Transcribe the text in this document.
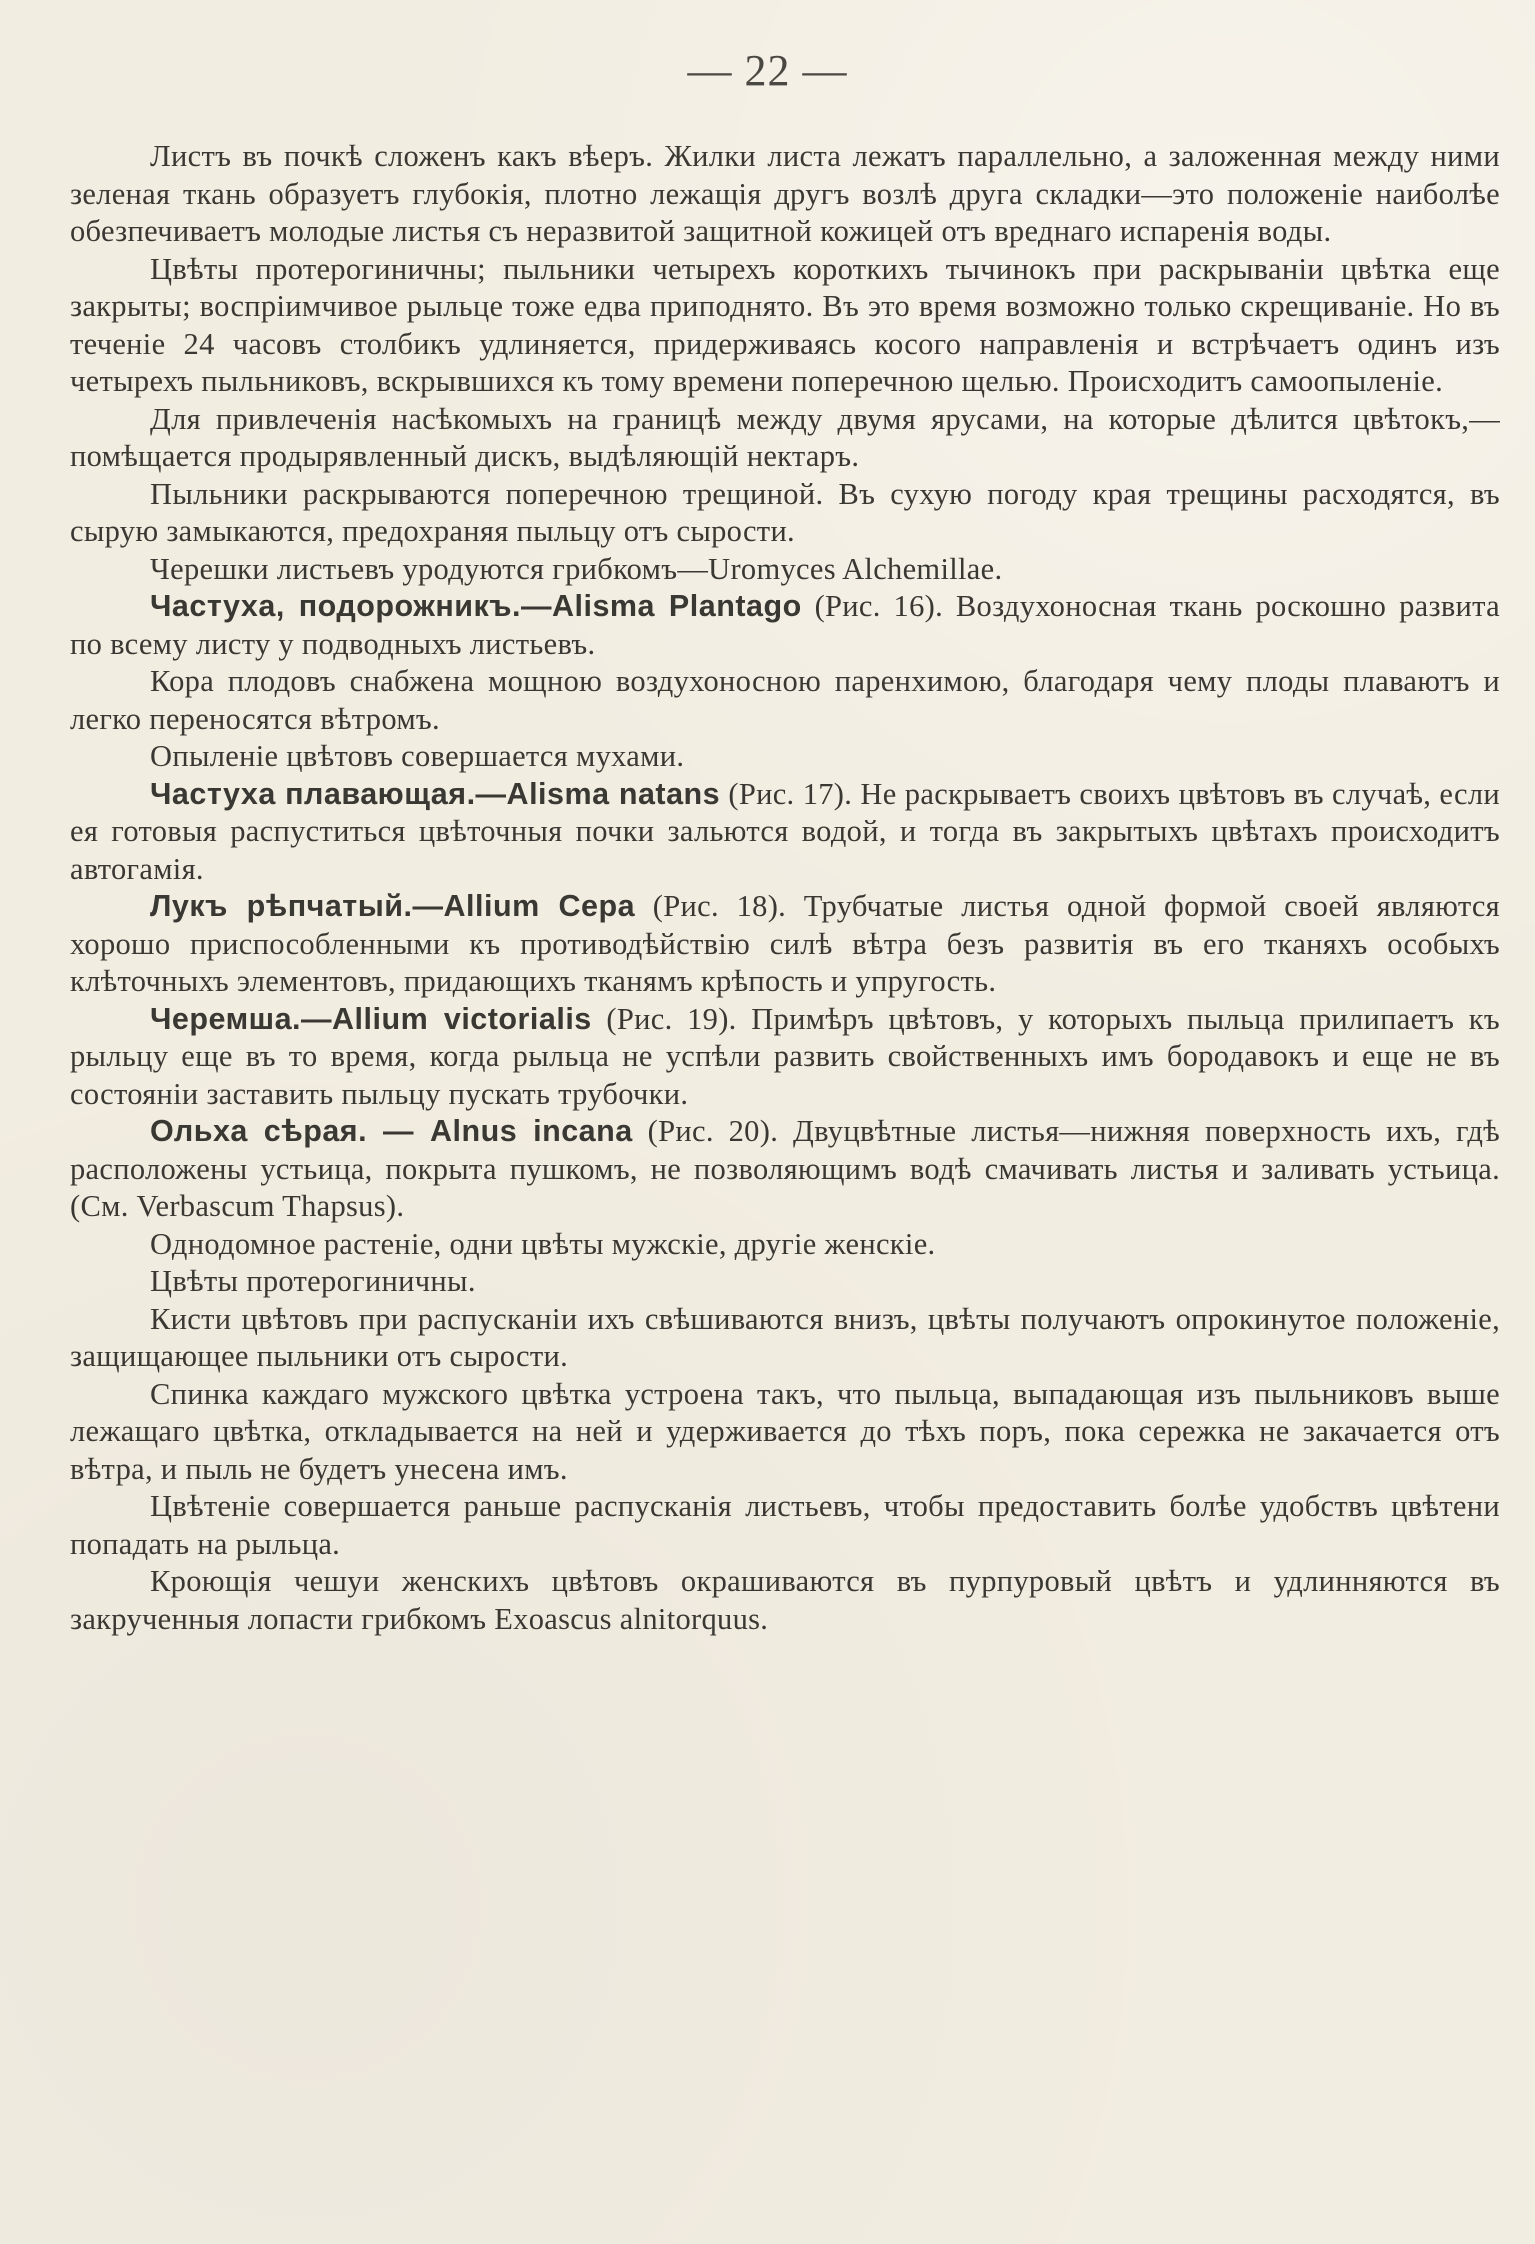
— 22 —

Листъ въ почкѣ сложенъ какъ вѣеръ. Жилки листа лежатъ параллельно, а заложенная между ними зеленая ткань образуетъ глубокія, плотно лежащія другъ возлѣ друга складки—это положеніе наиболѣе обезпечиваетъ молодые листья съ неразвитой защитной кожицей отъ вреднаго испаренія воды.

Цвѣты протерогиничны; пыльники четырехъ короткихъ тычинокъ при раскрываніи цвѣтка еще закрыты; воспріимчивое рыльце тоже едва приподнято. Въ это время возможно только скрещиваніе. Но въ теченіе 24 часовъ столбикъ удлиняется, придерживаясь косого направленія и встрѣчаетъ одинъ изъ четырехъ пыльниковъ, вскрывшихся къ тому времени поперечною щелью. Происходитъ самоопыленіе.

Для привлеченія насѣкомыхъ на границѣ между двумя ярусами, на которые дѣлится цвѣтокъ,—помѣщается продырявленный дискъ, выдѣляющій нектаръ.

Пыльники раскрываются поперечною трещиной. Въ сухую погоду края трещины расходятся, въ сырую замыкаются, предохраняя пыльцу отъ сырости.

Черешки листьевъ уродуются грибкомъ—Uromyces Alchemillae.

Частуха, подорожникъ.—Alisma Plantago (Рис. 16). Воздухоносная ткань роскошно развита по всему листу у подводныхъ листьевъ.

Кора плодовъ снабжена мощною воздухоносною паренхимою, благодаря чему плоды плаваютъ и легко переносятся вѣтромъ.

Опыленіе цвѣтовъ совершается мухами.

Частуха плавающая.—Alisma natans (Рис. 17). Не раскрываетъ своихъ цвѣтовъ въ случаѣ, если ея готовыя распуститься цвѣточныя почки зальются водой, и тогда въ закрытыхъ цвѣтахъ происходитъ автогамія.

Лукъ рѣпчатый.—Allium Cepa (Рис. 18). Трубчатые листья одной формой своей являются хорошо приспособленными къ противодѣйствію силѣ вѣтра безъ развитія въ его тканяхъ особыхъ клѣточныхъ элементовъ, придающихъ тканямъ крѣпость и упругость.

Черемша.—Allium victorialis (Рис. 19). Примѣръ цвѣтовъ, у которыхъ пыльца прилипаетъ къ рыльцу еще въ то время, когда рыльца не успѣли развить свойственныхъ имъ бородавокъ и еще не въ состояніи заставить пыльцу пускать трубочки.

Ольха сѣрая. — Alnus incana (Рис. 20). Двуцвѣтные листья—нижняя поверхность ихъ, гдѣ расположены устьица, покрыта пушкомъ, не позволяющимъ водѣ смачивать листья и заливать устьица. (См. Verbascum Thapsus).

Однодомное растеніе, одни цвѣты мужскіе, другіе женскіе.

Цвѣты протерогиничны.

Кисти цвѣтовъ при распусканіи ихъ свѣшиваются внизъ, цвѣты получаютъ опрокинутое положеніе, защищающее пыльники отъ сырости.

Спинка каждаго мужского цвѣтка устроена такъ, что пыльца, выпадающая изъ пыльниковъ выше лежащаго цвѣтка, откладывается на ней и удерживается до тѣхъ поръ, пока сережка не закачается отъ вѣтра, и пыль не будетъ унесена имъ.

Цвѣтеніе совершается раньше распусканія листьевъ, чтобы предоставить болѣе удобствъ цвѣтени попадать на рыльца.

Кроющія чешуи женскихъ цвѣтовъ окрашиваются въ пурпуровый цвѣтъ и удлинняются въ закрученныя лопасти грибкомъ Exoascus alnitorquus.
